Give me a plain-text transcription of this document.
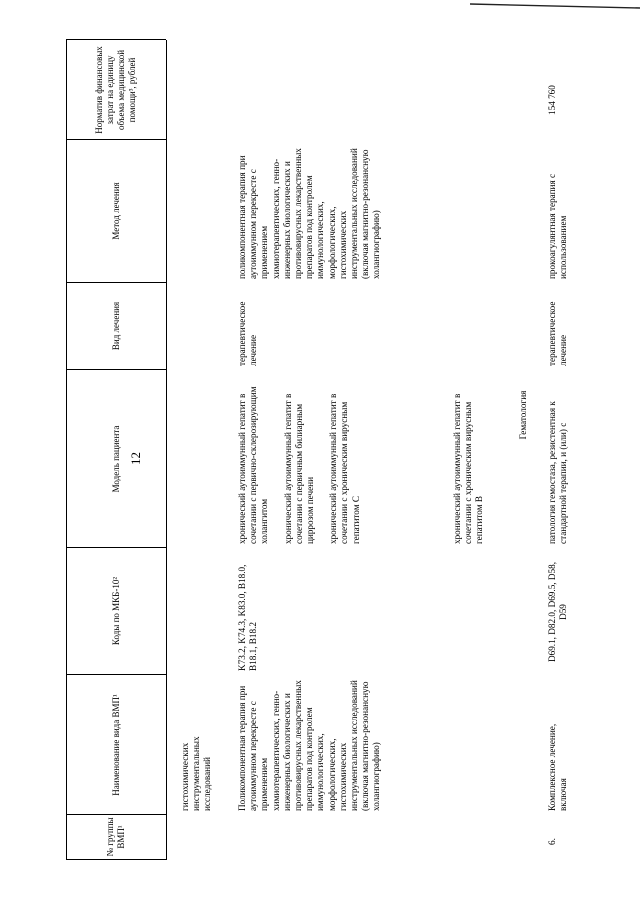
12
№ группы ВМП¹
Наименование вида ВМП¹
Коды по МКБ-10²
Модель пациента
Вид лечения
Метод лечения
Норматив финансовых затрат на единицу объема медицинской помощи³, рублей
гистохимических инструментальных исследований	Поликомпонентная терапия при аутоиммунном перекресте с применением химиотерапевтических, генно-инженерных биологических и противовирусных лекарственных препаратов под контролем иммунологических, морфологических, гистохимических инструментальных исследований (включая магнитно-резонансную холангиографию)
K73.2, K74.3, K83.0, B18.0, B18.1, B18.2

хронический аутоиммунный гепатит в сочетании с первично-склерозирующим холангитом хронический аутоиммунный гепатит в сочетании с первичным билиарным циррозом печени хронический аутоиммунный гепатит в сочетании с хроническим вирусным гепатитом C	хронический аутоиммунный гепатит в сочетании с хроническим вирусным гепатитом B

терапевтическое лечение
поликомпонентная терапия при аутоиммунном перекресте с применением химиотерапевтических, генно-инженерных биологических и противовирусных лекарственных препаратов под контролем иммунологических, морфологических, гистохимических инструментальных исследований (включая магнитно-резонансную холангиографию)
Гематология
6.
Комплексное лечение, включая
D69.1, D82.0, D69.5, D58, D59
патология гемостаза, резистентная к стандартной терапии, и (или) с
терапевтическое лечение
прокоагулянтная терапия с использованием
154 760
